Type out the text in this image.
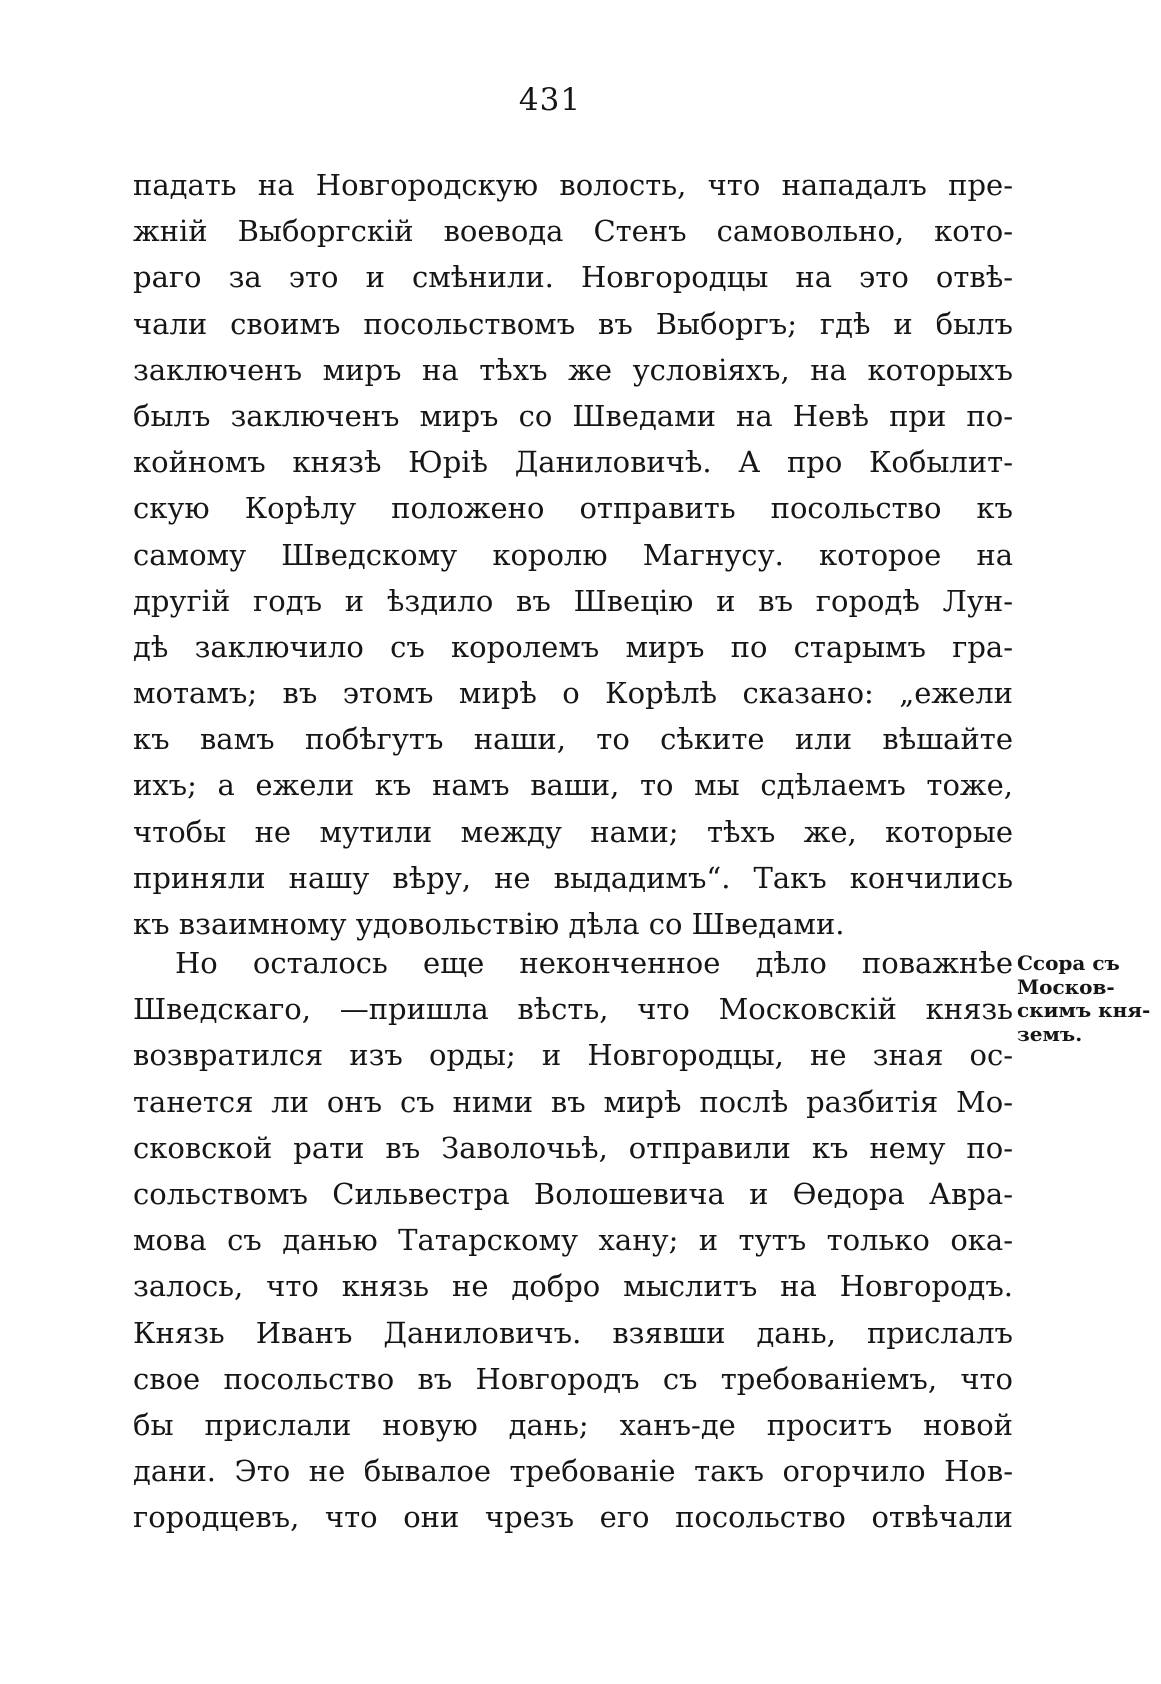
431
падать на Новгородскую волость, что нападалъ пре-
жній Выборгскій воевода Стенъ самовольно, кото-
раго за это и смѣнили. Новгородцы на это отвѣ-
чали своимъ посольствомъ въ Выборгъ; гдѣ и былъ
заключенъ миръ на тѣхъ же условіяхъ, на которыхъ
былъ заключенъ миръ со Шведами на Невѣ при по-
койномъ князѣ Юріѣ Даниловичѣ. А про Кобылит-
скую Корѣлу положено отправить посольство къ
самому Шведскому королю Магнусу. которое на
другій годъ и ѣздило въ Швецію и въ городѣ Лун-
дѣ заключило съ королемъ миръ по старымъ гра-
мотамъ; въ этомъ мирѣ о Корѣлѣ сказано: „ежели
къ вамъ побѣгутъ наши, то сѣките или вѣшайте
ихъ; а ежели къ намъ ваши, то мы сдѣлаемъ тоже,
чтобы не мутили между нами; тѣхъ же, которые
приняли нашу вѣру, не выдадимъ“. Такъ кончились
къ взаимному удовольствію дѣла со Шведами.
Но осталось еще неконченное дѣло поважнѣе
Шведскаго, —пришла вѣсть, что Московскій князь
возвратился изъ орды; и Новгородцы, не зная ос-
танется ли онъ съ ними въ мирѣ послѣ разбитія Мо-
сковской рати въ Заволочьѣ, отправили къ нему по-
сольствомъ Сильвестра Волошевича и Ѳедора Авра-
мова съ данью Татарскому хану; и тутъ только ока-
залось, что князь не добро мыслитъ на Новгородъ.
Князь Иванъ Даниловичъ. взявши дань, прислалъ
свое посольство въ Новгородъ съ требованіемъ, что
бы прислали новую дань; ханъ-де проситъ новой
дани. Это не бывалое требованіе такъ огорчило Нов-
городцевъ, что они чрезъ его посольство отвѣчали
Ссора съ
Москов-
скимъ кня-
земъ.
